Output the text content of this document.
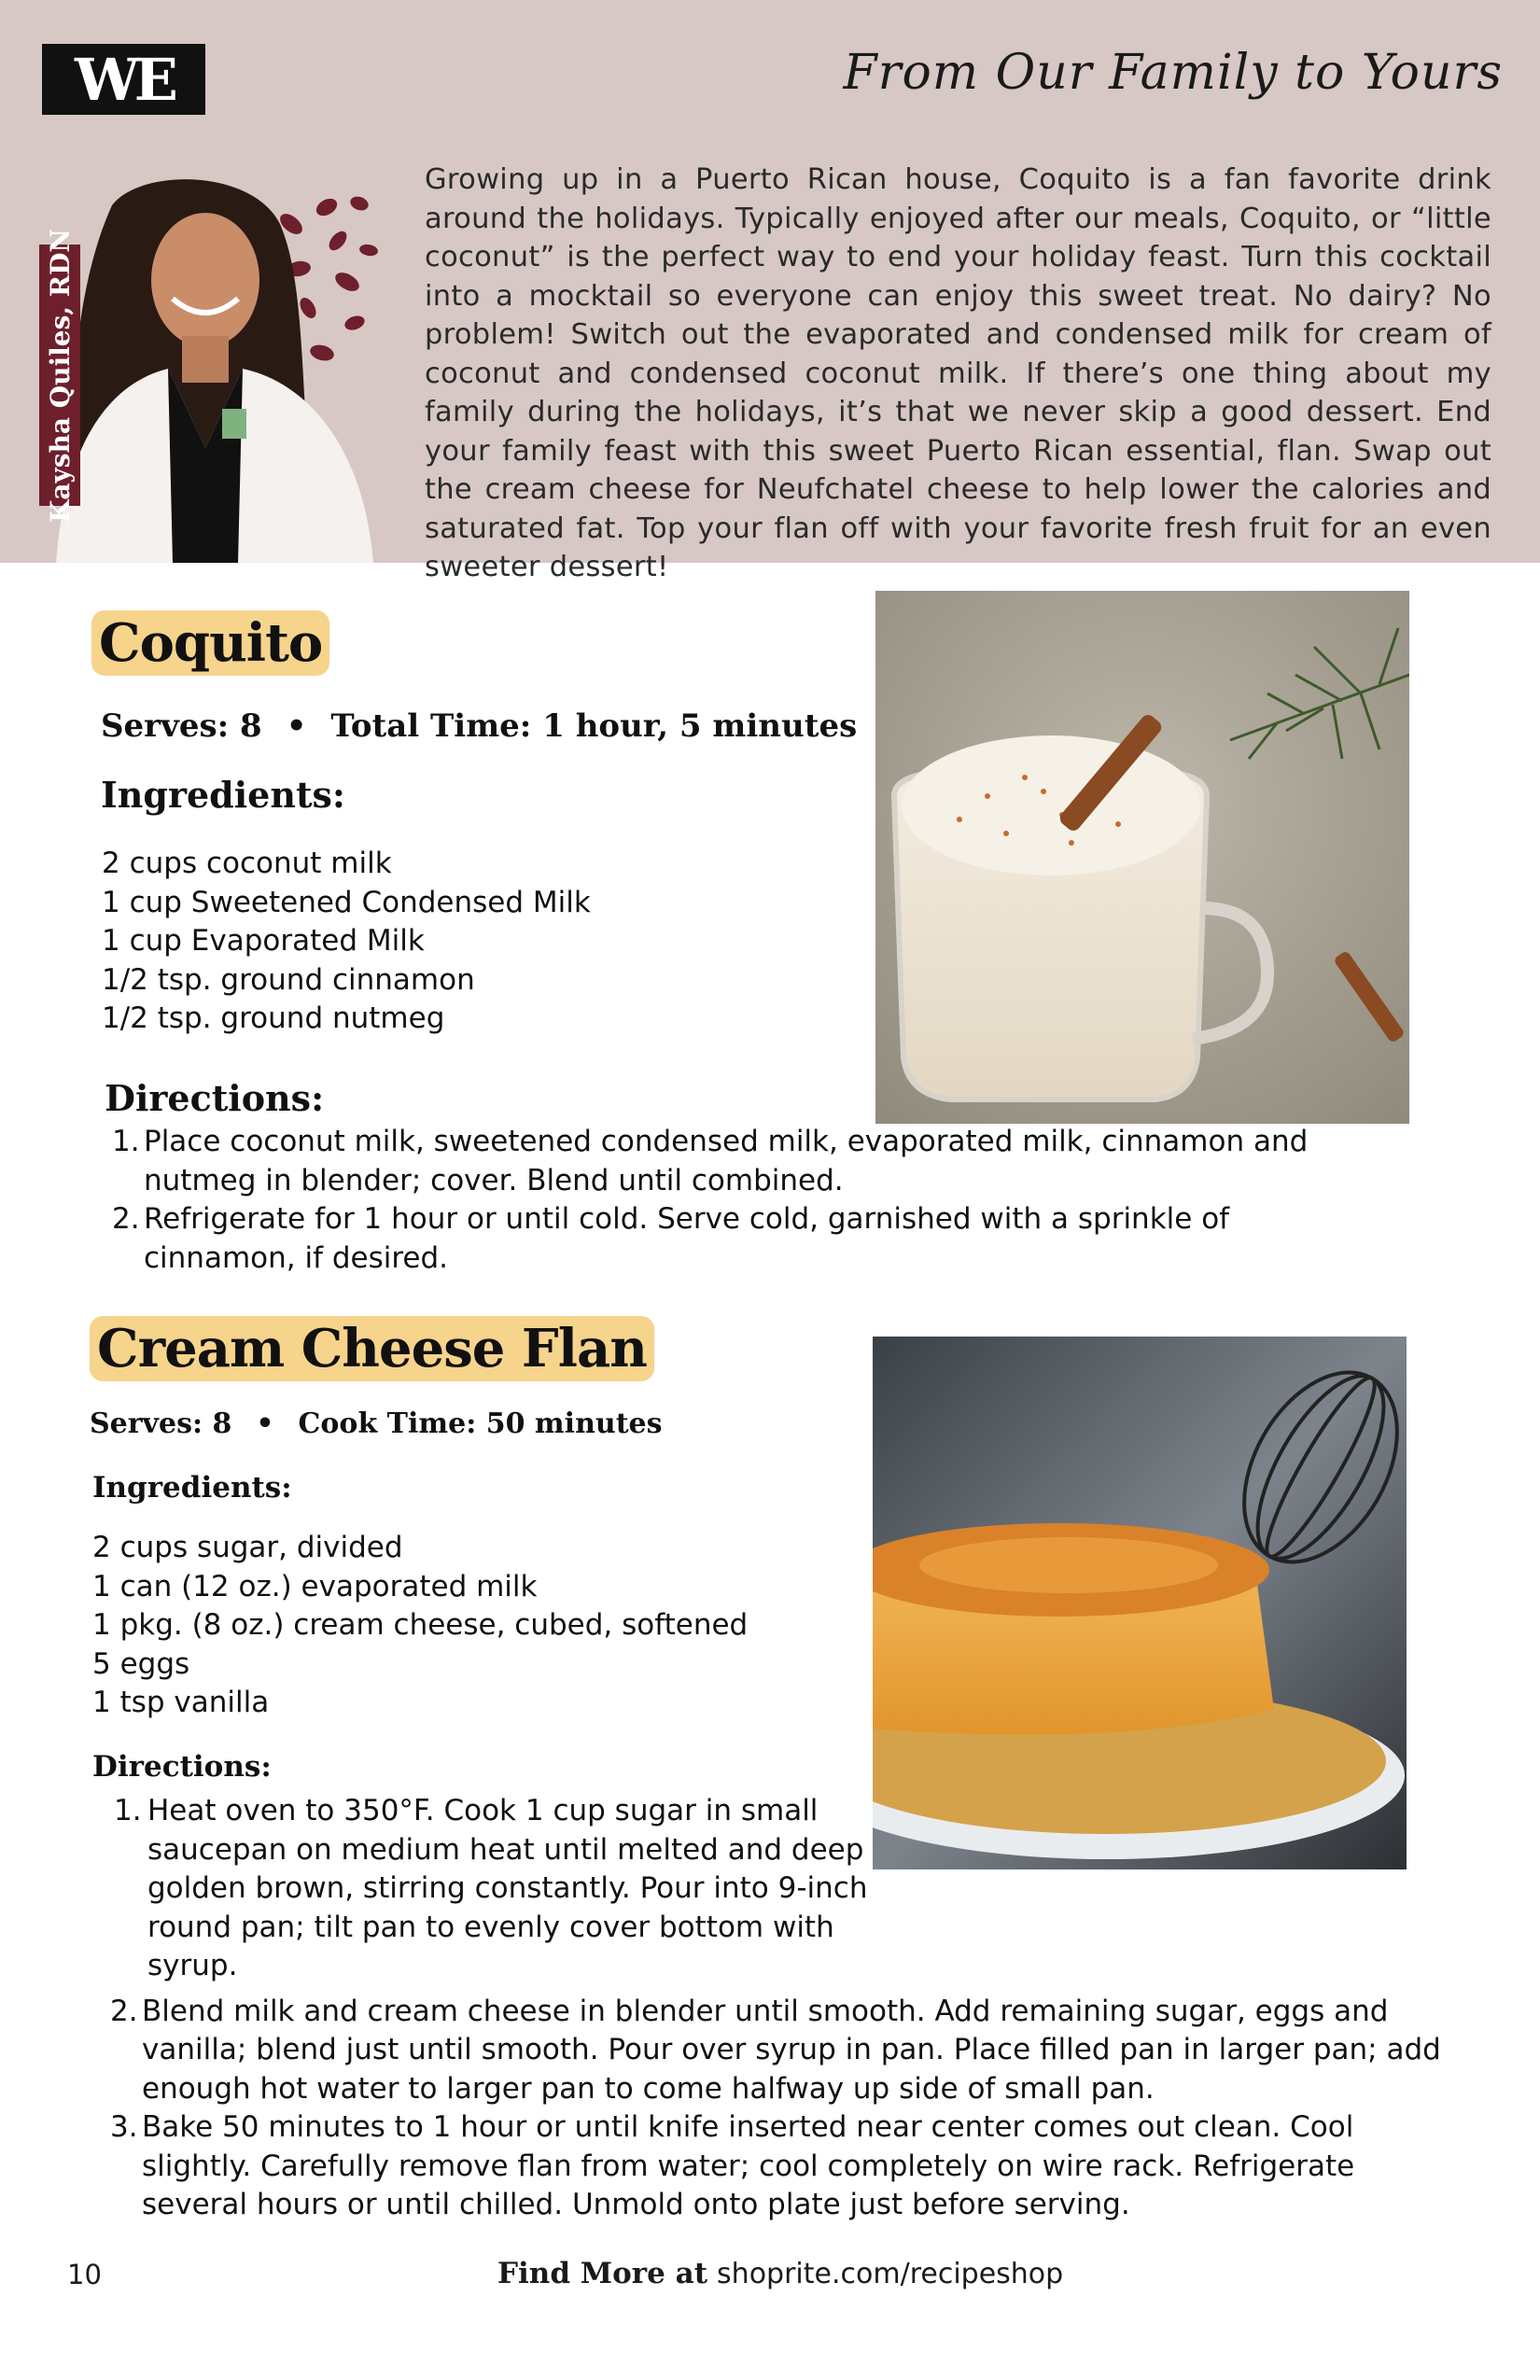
WE	From Our Family to Yours
Kaysha Quiles, RDN

Growing up in a Puerto Rican house, Coquito is a fan favorite drink around the holidays. Typically enjoyed after our meals, Coquito, or “little coconut” is the perfect way to end your holiday feast. Turn this cocktail into a mocktail so everyone can enjoy this sweet treat. No dairy? No problem! Switch out the evaporated and condensed milk for cream of coconut and condensed coconut milk. If there’s one thing about my family during the holidays, it’s that we never skip a good dessert. End your family feast with this sweet Puerto Rican essential, flan. Swap out the cream cheese for Neufchatel cheese to help lower the calories and saturated fat. Top your flan off with your favorite fresh fruit for an even sweeter dessert!

Coquito
Serves: 8 • Total Time: 1 hour, 5 minutes
Ingredients:
2 cups coconut milk
1 cup Sweetened Condensed Milk
1 cup Evaporated Milk
1/2 tsp. ground cinnamon
1/2 tsp. ground nutmeg
Directions:
1. Place coconut milk, sweetened condensed milk, evaporated milk, cinnamon and nutmeg in blender; cover. Blend until combined.
2. Refrigerate for 1 hour or until cold. Serve cold, garnished with a sprinkle of cinnamon, if desired.
Cream Cheese Flan
Serves: 8 • Cook Time: 50 minutes
Ingredients:
2 cups sugar, divided
1 can (12 oz.) evaporated milk
1 pkg. (8 oz.) cream cheese, cubed, softened
5 eggs
1 tsp vanilla
Directions:
1. Heat oven to 350°F. Cook 1 cup sugar in small saucepan on medium heat until melted and deep golden brown, stirring constantly. Pour into 9-inch round pan; tilt pan to evenly cover bottom with syrup.
2. Blend milk and cream cheese in blender until smooth. Add remaining sugar, eggs and vanilla; blend just until smooth. Pour over syrup in pan. Place filled pan in larger pan; add enough hot water to larger pan to come halfway up side of small pan.
3. Bake 50 minutes to 1 hour or until knife inserted near center comes out clean. Cool slightly. Carefully remove flan from water; cool completely on wire rack. Refrigerate several hours or until chilled. Unmold onto plate just before serving.
10	Find More at shoprite.com/recipeshop
